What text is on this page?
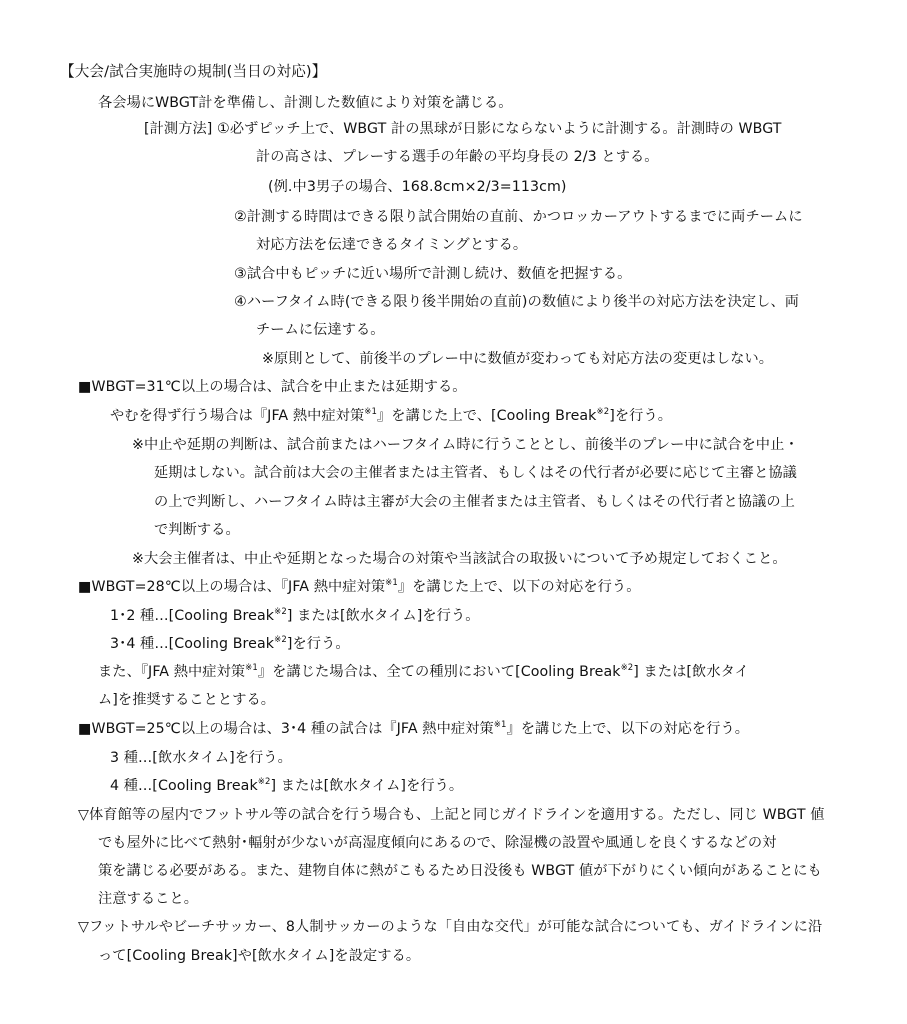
【大会/試合実施時の規制(当日の対応)】
各会場にWBGT計を準備し、計測した数値により対策を講じる。
[計測方法] ①必ずピッチ上で、WBGT 計の黒球が日影にならないように計測する。計測時の WBGT
計の高さは、プレーする選手の年齢の平均身長の 2/3 とする。
(例.中3男子の場合、168.8cm×2/3=113cm)
②計測する時間はできる限り試合開始の直前、かつロッカーアウトするまでに両チームに
対応方法を伝達できるタイミングとする。
③試合中もピッチに近い場所で計測し続け、数値を把握する。
④ハーフタイム時(できる限り後半開始の直前)の数値により後半の対応方法を決定し、両
チームに伝達する。
※原則として、前後半のプレー中に数値が変わっても対応方法の変更はしない。
■WBGT=31℃以上の場合は、試合を中止または延期する。
やむを得ず行う場合は『JFA 熱中症対策$^{※1}$』を講じた上で、[Cooling Break$^{※2}$]を行う。
※中止や延期の判断は、試合前またはハーフタイム時に行うこととし、前後半のプレー中に試合を中止・
延期はしない。試合前は大会の主催者または主管者、もしくはその代行者が必要に応じて主審と協議
の上で判断し、ハーフタイム時は主審が大会の主催者または主管者、もしくはその代行者と協議の上
で判断する。
※大会主催者は、中止や延期となった場合の対策や当該試合の取扱いについて予め規定しておくこと。
■WBGT=28℃以上の場合は、『JFA 熱中症対策$^{※1}$』を講じた上で、以下の対応を行う。
1･2 種…[Cooling Break$^{※2}$] または[飲水タイム]を行う。
3･4 種…[Cooling Break$^{※2}$]を行う。
また、『JFA 熱中症対策$^{※1}$』を講じた場合は、全ての種別において[Cooling Break$^{※2}$] または[飲水タイ
ム]を推奨することとする。
■WBGT=25℃以上の場合は、3･4 種の試合は『JFA 熱中症対策$^{※1}$』を講じた上で、以下の対応を行う。
3 種…[飲水タイム]を行う。
4 種…[Cooling Break$^{※2}$] または[飲水タイム]を行う。
▽体育館等の屋内でフットサル等の試合を行う場合も、上記と同じガイドラインを適用する。ただし、同じ WBGT 値
でも屋外に比べて熱射･輻射が少ないが高湿度傾向にあるので、除湿機の設置や風通しを良くするなどの対
策を講じる必要がある。また、建物自体に熱がこもるため日没後も WBGT 値が下がりにくい傾向があることにも
注意すること。
▽フットサルやビーチサッカー、8人制サッカーのような「自由な交代」が可能な試合についても、ガイドラインに沿
って[Cooling Break]や[飲水タイム]を設定する。
